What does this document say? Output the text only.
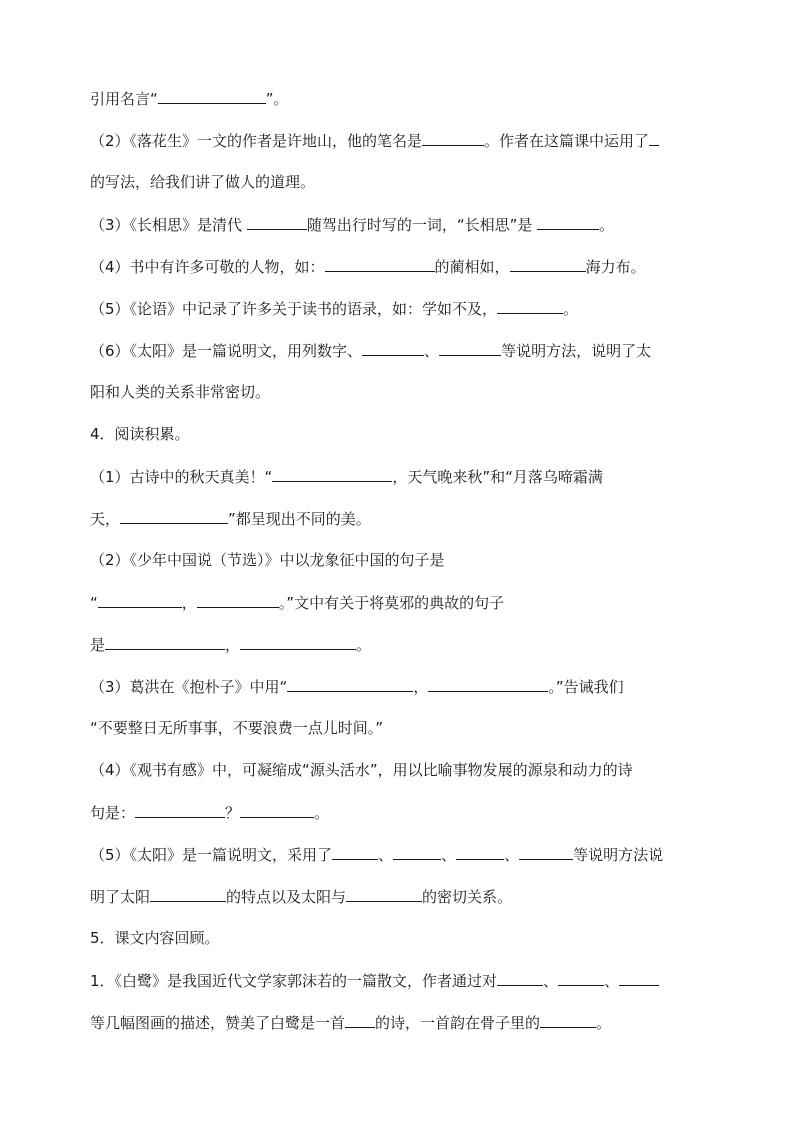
引用名言“	”。
（2）《落花生》一文的作者是许地山，他的笔名是	。作者在这篇课中运用了
的写法，给我们讲了做人的道理。
（3）《长相思》是清代	随驾出行时写的一词，“长相思”是	。
（4）书中有许多可敬的人物，如：	的蔺相如，	海力布。
（5）《论语》中记录了许多关于读书的语录，如：学如不及，	。
（6）《太阳》是一篇说明文，用列数字、	、	等说明方法，说明了太
阳和人类的关系非常密切。
4．阅读积累。
（1）古诗中的秋天真美！“	，天气晚来秋”和“月落乌啼霜满
天，	”都呈现出不同的美。
（2）《少年中国说（节选）》中以龙象征中国的句子是
“	，	。”文中有关于将莫邪的典故的句子
是	，	。
（3）葛洪在《抱朴子》中用“	，	。”告诫我们
“不要整日无所事事，不要浪费一点儿时间。”
（4）《观书有感》中，可凝缩成“源头活水”，用以比喻事物发展的源泉和动力的诗
句是：	？	。
（5）《太阳》是一篇说明文，采用了	、	、	、	等说明方法说
明了太阳	的特点以及太阳与	的密切关系。
5．课文内容回顾。
1．《白鹭》是我国近代文学家郭沫若的一篇散文，作者通过对	、	、
等几幅图画的描述，赞美了白鹭是一首 的诗，一首韵在骨子里的	。
